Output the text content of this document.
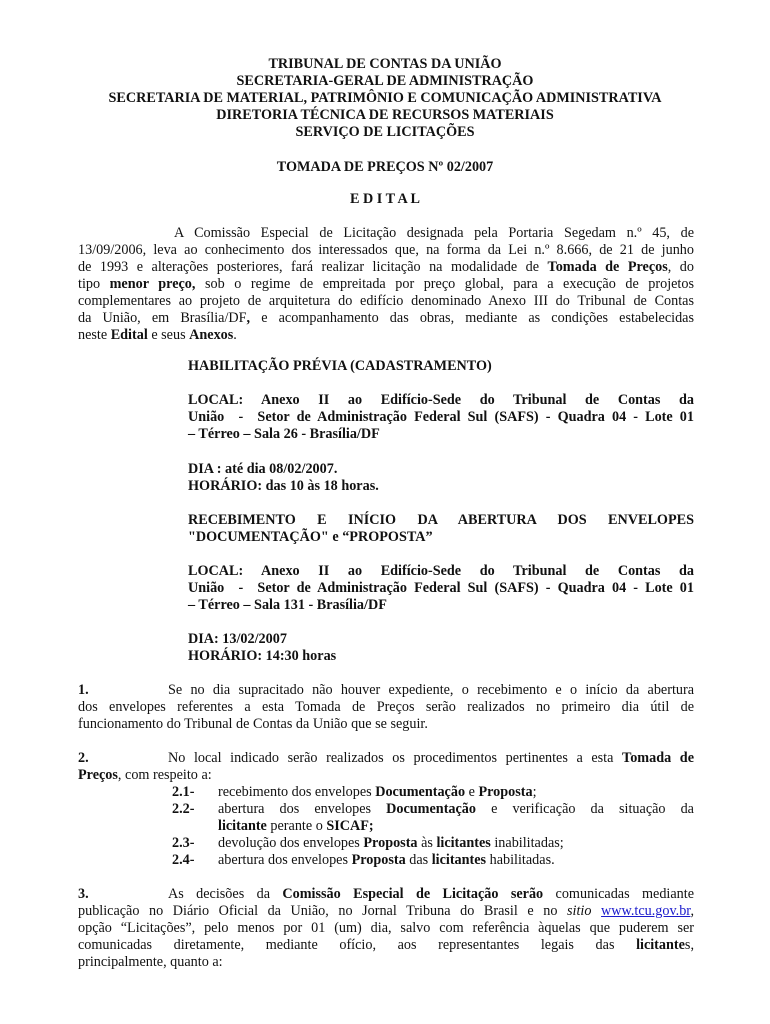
TRIBUNAL DE CONTAS DA UNIÃO
SECRETARIA-GERAL DE ADMINISTRAÇÃO
SECRETARIA DE MATERIAL, PATRIMÔNIO E COMUNICAÇÃO ADMINISTRATIVA
DIRETORIA TÉCNICA DE RECURSOS MATERIAIS
SERVIÇO DE LICITAÇÕES
TOMADA DE PREÇOS Nº 02/2007
E D I T A L
A Comissão Especial de Licitação designada pela Portaria Segedam n.º 45, de
13/09/2006, leva ao conhecimento dos interessados que, na forma da Lei n.º 8.666, de 21 de junho
de 1993 e alterações posteriores, fará realizar licitação na modalidade de Tomada de Preços, do
tipo menor preço, sob o regime de empreitada por preço global, para a execução de projetos
complementares ao projeto de arquitetura do edifício denominado Anexo III do Tribunal de Contas
da União, em Brasília/DF, e acompanhamento das obras, mediante as condições estabelecidas
neste Edital e seus Anexos.
HABILITAÇÃO PRÉVIA (CADASTRAMENTO)
LOCAL: Anexo II ao Edifício-Sede do Tribunal de Contas da
União  -  Setor de Administração Federal Sul (SAFS) - Quadra 04 - Lote 01
– Térreo – Sala 26 - Brasília/DF
DIA : até dia 08/02/2007.
HORÁRIO: das 10 às 18 horas.
RECEBIMENTO E INÍCIO DA ABERTURA DOS ENVELOPES
"DOCUMENTAÇÃO" e “PROPOSTA”
LOCAL: Anexo II ao Edifício-Sede do Tribunal de Contas da
União  -  Setor de Administração Federal Sul (SAFS) - Quadra 04 - Lote 01
– Térreo – Sala 131 - Brasília/DF
DIA: 13/02/2007
HORÁRIO: 14:30 horas
1.	Se no dia supracitado não houver expediente, o recebimento e o início da abertura
dos envelopes referentes a esta Tomada de Preços serão realizados no primeiro dia útil de
funcionamento do Tribunal de Contas da União que se seguir.
2.	No local indicado serão realizados os procedimentos pertinentes a esta Tomada de
Preços, com respeito a:
2.1- recebimento dos envelopes Documentação e Proposta;
2.2- abertura dos envelopes Documentação e verificação da situação da
licitante perante o SICAF;
2.3- devolução dos envelopes Proposta às licitantes inabilitadas;
2.4- abertura dos envelopes Proposta das licitantes habilitadas.
3.	As decisões da Comissão Especial de Licitação serão comunicadas mediante
publicação no Diário Oficial da União, no Jornal Tribuna do Brasil e no sitio www.tcu.gov.br,
opção “Licitações”, pelo menos por 01 (um) dia, salvo com referência àquelas que puderem ser
comunicadas diretamente, mediante ofício, aos representantes legais das licitantes,
principalmente, quanto a:
